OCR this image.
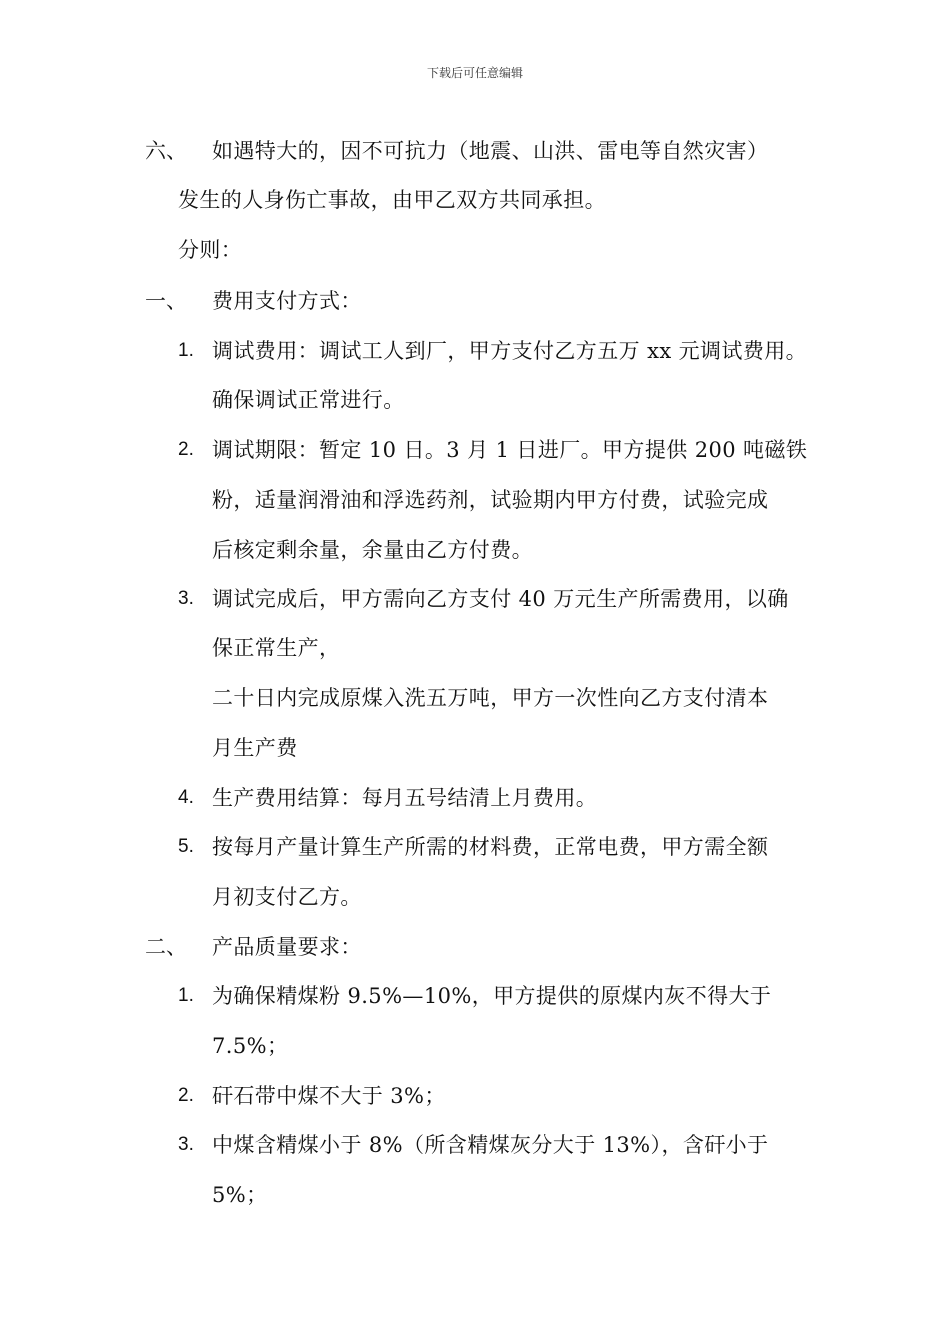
下载后可任意编辑
六、 如遇特大的，因不可抗力（地震、山洪、雷电等自然灾害）
发生的人身伤亡事故，由甲乙双方共同承担。
分则：
一、 费用支付方式：
1. 调试费用：调试工人到厂，甲方支付乙方五万 xx 元调试费用。
确保调试正常进行。
2. 调试期限：暂定 10 日。3 月 1 日进厂。甲方提供 200 吨磁铁
粉，适量润滑油和浮选药剂，试验期内甲方付费，试验完成
后核定剩余量，余量由乙方付费。
3. 调试完成后，甲方需向乙方支付 40 万元生产所需费用，以确
保正常生产，
二十日内完成原煤入洗五万吨，甲方一次性向乙方支付清本
月生产费
4. 生产费用结算：每月五号结清上月费用。
5. 按每月产量计算生产所需的材料费，正常电费，甲方需全额
月初支付乙方。
二、 产品质量要求：
1. 为确保精煤粉 9.5%—10%，甲方提供的原煤内灰不得大于
7.5%；
2. 矸石带中煤不大于 3%；
3. 中煤含精煤小于 8%（所含精煤灰分大于 13%），含矸小于
5%；
